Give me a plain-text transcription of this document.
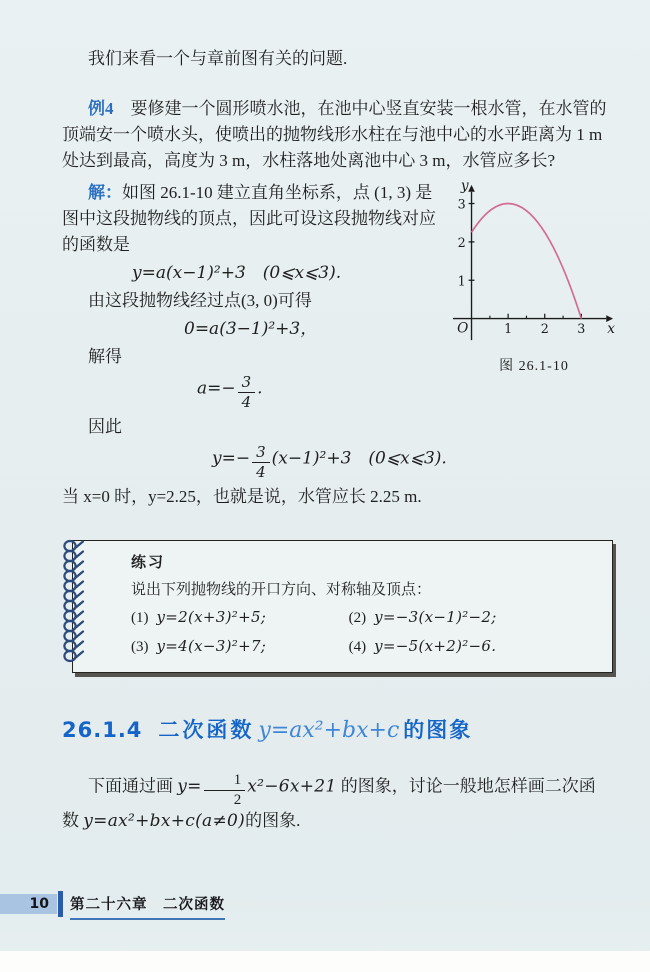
我们来看一个与章前图有关的问题.

例4  要修建一个圆形喷水池，在池中心竖直安装一根水管，在水管的顶端安一个喷水头，使喷出的抛物线形水柱在与池中心的水平距离为 1 m 处达到最高，高度为 3 m，水柱落地处离池中心 3 m，水管应多长?

1
2
3
1 2 3
O	x
y
图 26.1-10

解：如图 26.1-10 建立直角坐标系，点 (1, 3) 是图中这段抛物线的顶点，因此可设这段抛物线对应的函数是

y=a(x−1)²+3　(0⩽x⩽3).

由这段抛物线经过点(3, 0)可得

0=a(3−1)²+3，

解得

$a=- \frac{3}{4}$ .

因此

$y=- \frac{3}{4} (x-1)^2+3$　(0⩽x⩽3).

当 x=0 时，y=2.25，也就是说，水管应长 2.25 m.

练习
说出下列抛物线的开口方向、对称轴及顶点：
(1) y=2(x+3)²+5;	(2) y=−3(x−1)²−2;
(3) y=4(x−3)²+7;	(4) y=−5(x+2)²−6.
26.1.4 二次函数 y=ax²+bx+c 的图象

下面通过画 $y= \frac{1}{2} x^2-6x+21$ 的图象，讨论一般地怎样画二次函数 y=ax²+bx+c(a≠0)的图象.

10 第二十六章　二次函数
